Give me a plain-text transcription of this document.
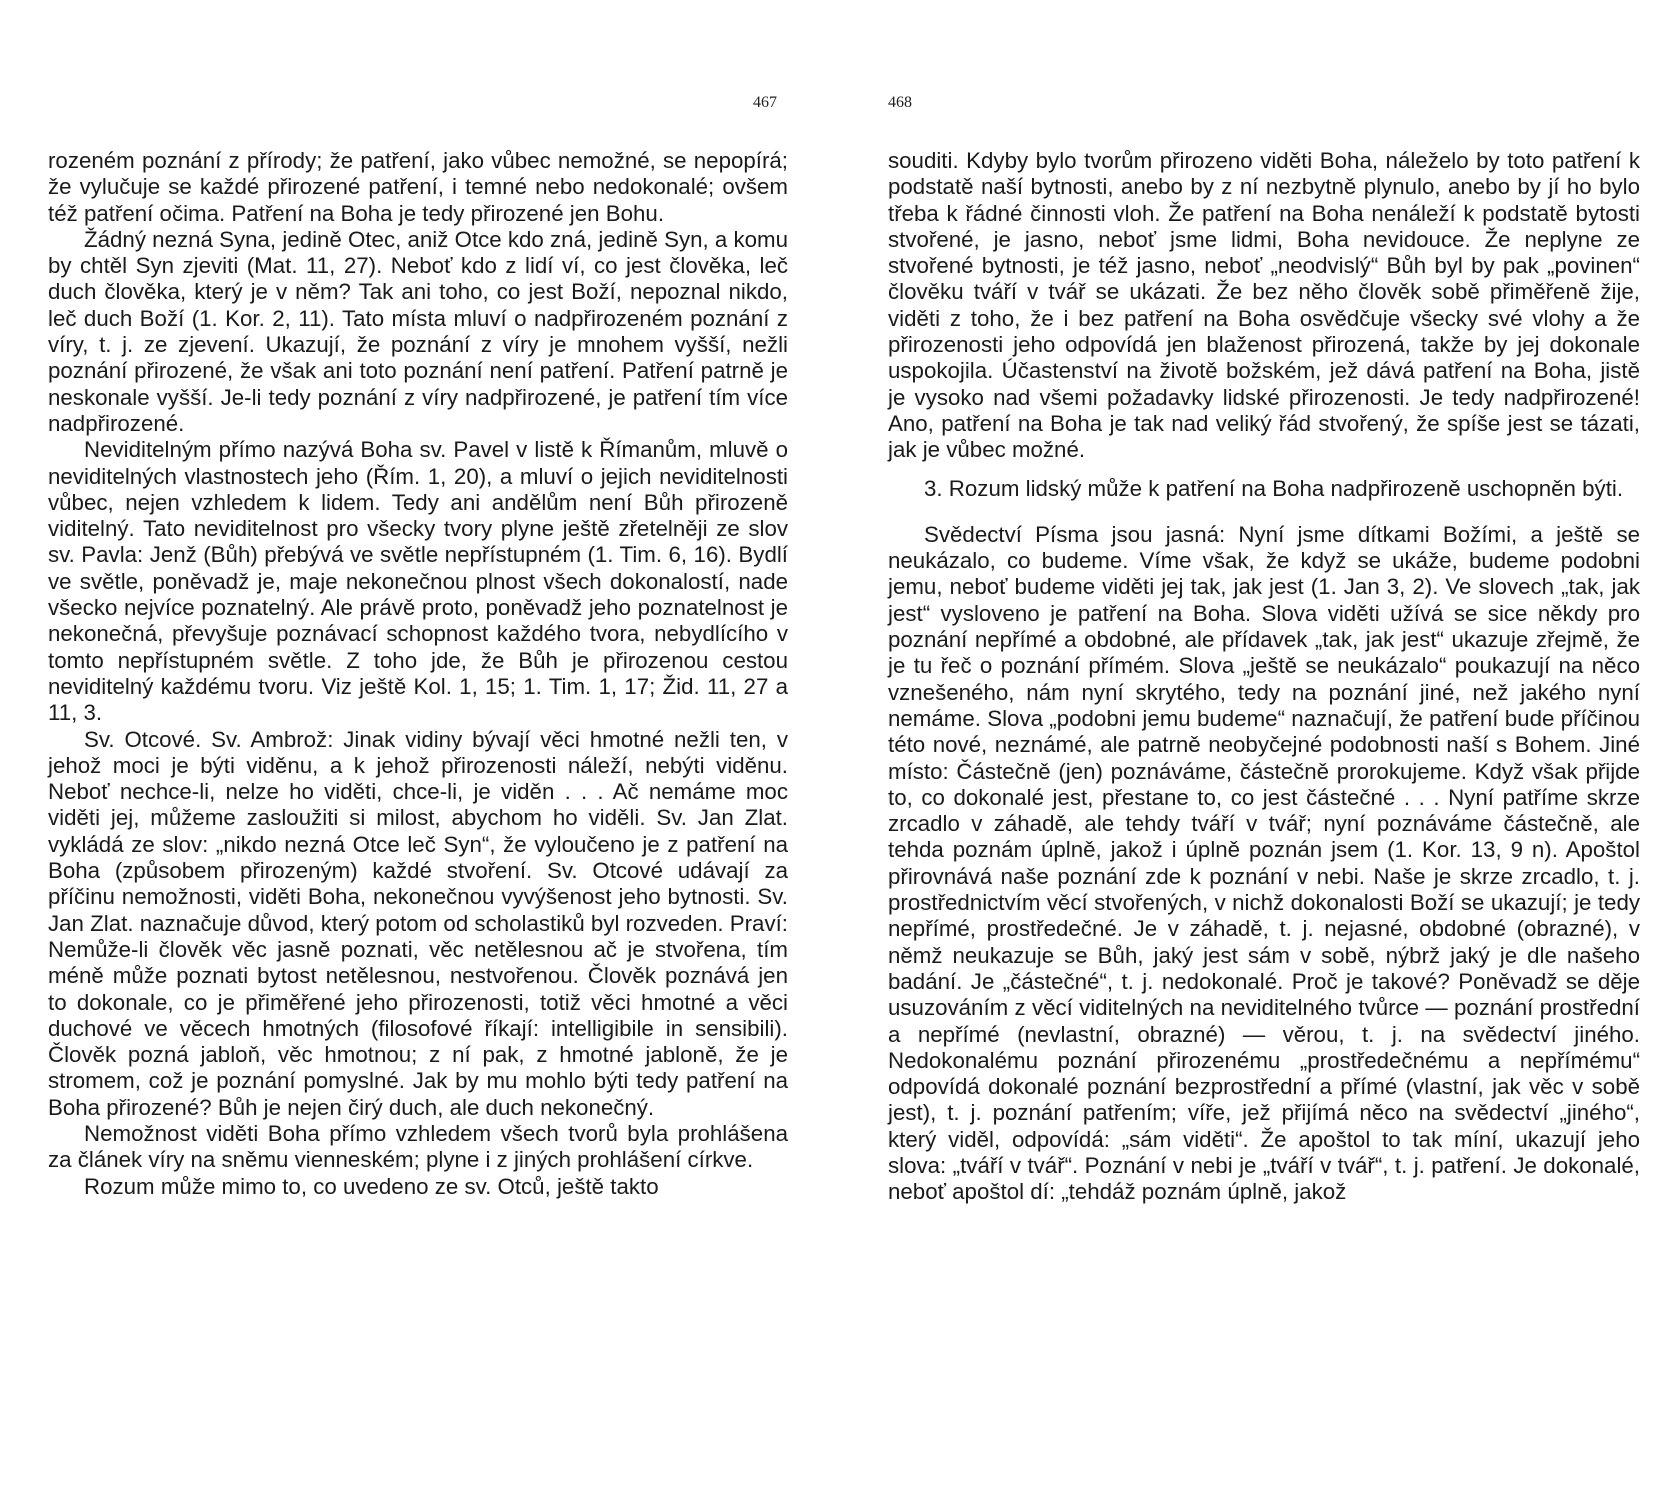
467

rozeném poznání z přírody; že patření, jako vůbec nemožné, se nepopírá; že vylučuje se každé přirozené patření, i temné nebo nedokonalé; ovšem též patření očima. Patření na Boha je tedy přirozené jen Bohu.

Žádný nezná Syna, jedině Otec, aniž Otce kdo zná, jedině Syn, a komu by chtěl Syn zjeviti (Mat. 11, 27). Neboť kdo z lidí ví, co jest člověka, leč duch člověka, který je v něm? Tak ani toho, co jest Boží, nepoznal nikdo, leč duch Boží (1. Kor. 2, 11). Tato místa mluví o nadpřirozeném poznání z víry, t. j. ze zjevení. Ukazují, že poznání z víry je mnohem vyšší, nežli poznání přirozené, že však ani toto poznání není patření. Patření patrně je neskonale vyšší. Je-li tedy poznání z víry nadpřirozené, je patření tím více nadpřirozené.

Neviditelným přímo nazývá Boha sv. Pavel v listě k Římanům, mluvě o neviditelných vlastnostech jeho (Řím. 1, 20), a mluví o jejich neviditelnosti vůbec, nejen vzhledem k lidem. Tedy ani andělům není Bůh přirozeně viditelný. Tato neviditelnost pro všecky tvory plyne ještě zřetelněji ze slov sv. Pavla: Jenž (Bůh) přebývá ve světle nepřístupném (1. Tim. 6, 16). Bydlí ve světle, poněvadž je, maje nekonečnou plnost všech dokonalostí, nade všecko nejvíce poznatelný. Ale právě proto, poněvadž jeho poznatelnost je nekonečná, převyšuje poznávací schopnost každého tvora, nebydlícího v tomto nepřístupném světle. Z toho jde, že Bůh je přirozenou cestou neviditelný každému tvoru. Viz ještě Kol. 1, 15; 1. Tim. 1, 17; Žid. 11, 27 a 11, 3.

Sv. Otcové. Sv. Ambrož: Jinak vidiny bývají věci hmotné nežli ten, v jehož moci je býti viděnu, a k jehož přirozenosti náleží, nebýti viděnu. Neboť nechce-li, nelze ho viděti, chce-li, je viděn . . . Ač nemáme moc viděti jej, můžeme zasloužiti si milost, abychom ho viděli. Sv. Jan Zlat. vykládá ze slov: „nikdo nezná Otce leč Syn“, že vyloučeno je z patření na Boha (způsobem přirozeným) každé stvoření. Sv. Otcové udávají za příčinu nemožnosti, viděti Boha, nekonečnou vyvýšenost jeho bytnosti. Sv. Jan Zlat. naznačuje důvod, který potom od scholastiků byl rozveden. Praví: Nemůže-li člověk věc jasně poznati, věc netělesnou ač je stvořena, tím méně může poznati bytost netělesnou, nestvořenou. Člověk poznává jen to dokonale, co je přiměřené jeho přirozenosti, totiž věci hmotné a věci duchové ve věcech hmotných (filosofové říkají: intelligibile in sensibili). Člověk pozná jabloň, věc hmotnou; z ní pak, z hmotné jabloně, že je stromem, což je poznání pomyslné. Jak by mu mohlo býti tedy patření na Boha přirozené? Bůh je nejen čirý duch, ale duch nekonečný.

Nemožnost viděti Boha přímo vzhledem všech tvorů byla prohlášena za článek víry na sněmu vienneském; plyne i z jiných prohlášení církve.

Rozum může mimo to, co uvedeno ze sv. Otců, ještě takto

468

souditi. Kdyby bylo tvorům přirozeno viděti Boha, náleželo by toto patření k podstatě naší bytnosti, anebo by z ní nezbytně plynulo, anebo by jí ho bylo třeba k řádné činnosti vloh. Že patření na Boha nenáleží k podstatě bytosti stvořené, je jasno, neboť jsme lidmi, Boha nevidouce. Že neplyne ze stvořené bytnosti, je též jasno, neboť „neodvislý“ Bůh byl by pak „povinen“ člověku tváří v tvář se ukázati. Že bez něho člověk sobě přiměřeně žije, viděti z toho, že i bez patření na Boha osvědčuje všecky své vlohy a že přirozenosti jeho odpovídá jen blaženost přirozená, takže by jej dokonale uspokojila. Účastenství na životě božském, jež dává patření na Boha, jistě je vysoko nad všemi požadavky lidské přirozenosti. Je tedy nadpřirozené! Ano, patření na Boha je tak nad veliký řád stvořený, že spíše jest se tázati, jak je vůbec možné.

3. Rozum lidský může k patření na Boha nadpřirozeně uschopněn býti.

Svědectví Písma jsou jasná: Nyní jsme dítkami Božími, a ještě se neukázalo, co budeme. Víme však, že když se ukáže, budeme podobni jemu, neboť budeme viděti jej tak, jak jest (1. Jan 3, 2). Ve slovech „tak, jak jest“ vysloveno je patření na Boha. Slova viděti užívá se sice někdy pro poznání nepřímé a obdobné, ale přídavek „tak, jak jest“ ukazuje zřejmě, že je tu řeč o poznání přímém. Slova „ještě se neukázalo“ poukazují na něco vznešeného, nám nyní skrytého, tedy na poznání jiné, než jakého nyní nemáme. Slova „podobni jemu budeme“ naznačují, že patření bude příčinou této nové, neznámé, ale patrně neobyčejné podobnosti naší s Bohem. Jiné místo: Částečně (jen) poznáváme, částečně prorokujeme. Když však přijde to, co dokonalé jest, přestane to, co jest částečné . . . Nyní patříme skrze zrcadlo v záhadě, ale tehdy tváří v tvář; nyní poznáváme částečně, ale tehda poznám úplně, jakož i úplně poznán jsem (1. Kor. 13, 9 n). Apoštol přirovnává naše poznání zde k poznání v nebi. Naše je skrze zrcadlo, t. j. prostřednictvím věcí stvořených, v nichž dokonalosti Boží se ukazují; je tedy nepřímé, prostředečné. Je v záhadě, t. j. nejasné, obdobné (obrazné), v němž neukazuje se Bůh, jaký jest sám v sobě, nýbrž jaký je dle našeho badání. Je „částečné“, t. j. nedokonalé. Proč je takové? Poněvadž se děje usuzováním z věcí viditelných na neviditelného tvůrce — poznání prostřední a nepřímé (nevlastní, obrazné) — věrou, t. j. na svědectví jiného. Nedokonalému poznání přirozenému „prostředečnému a nepřímému“ odpovídá dokonalé poznání bezprostřední a přímé (vlastní, jak věc v sobě jest), t. j. poznání patřením; víře, jež přijímá něco na svědectví „jiného“, který viděl, odpovídá: „sám viděti“. Že apoštol to tak míní, ukazují jeho slova: „tváří v tvář“. Poznání v nebi je „tváří v tvář“, t. j. patření. Je dokonalé, neboť apoštol dí: „tehdáž poznám úplně, jakož
